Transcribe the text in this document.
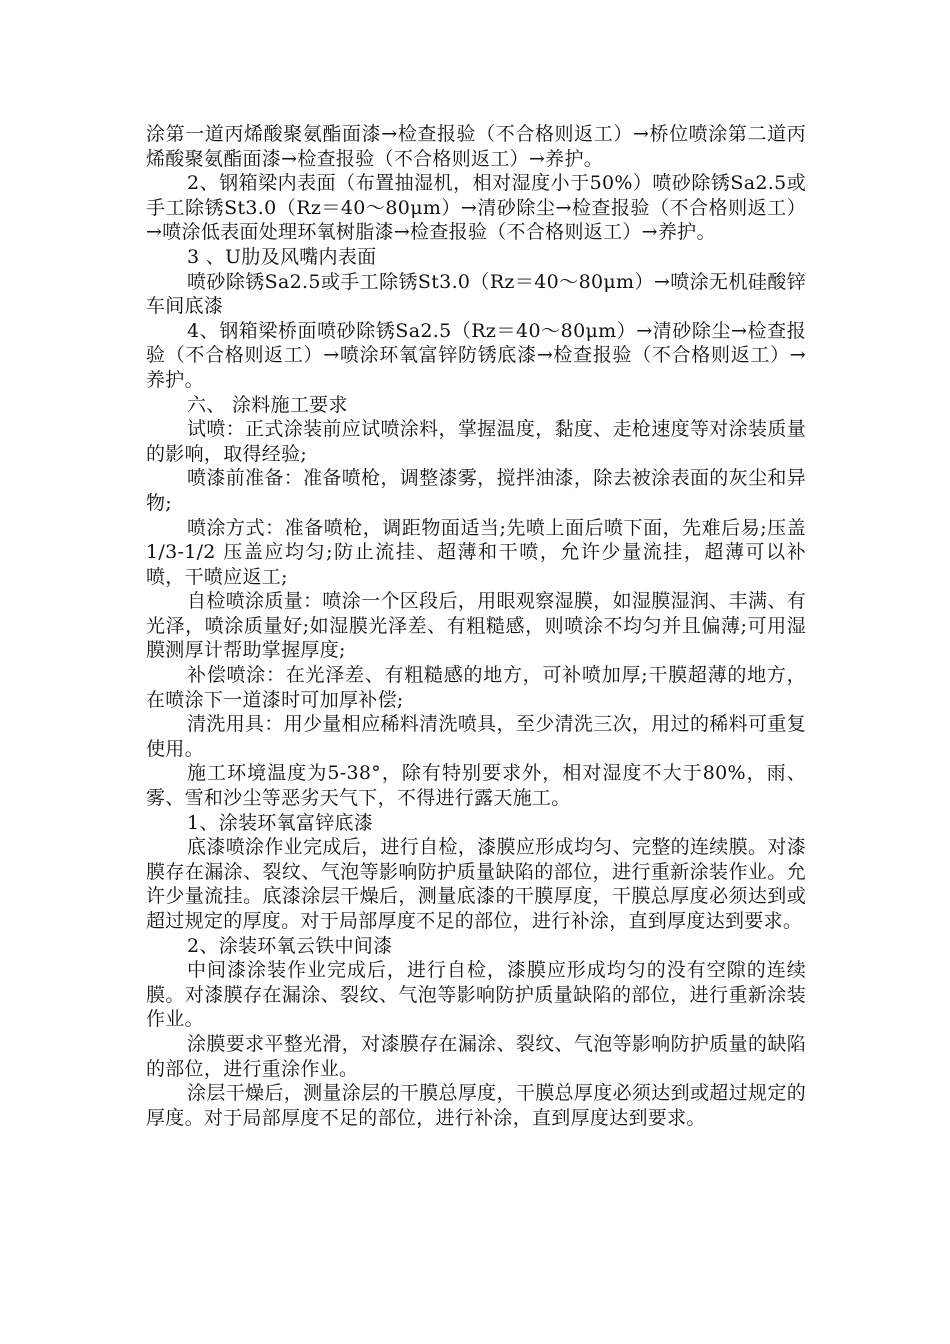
涂第一道丙烯酸聚氨酯面漆→检查报验（不合格则返工）→桥位喷涂第二道丙烯酸聚氨酯面漆→检查报验（不合格则返工）→养护。

2、钢箱梁内表面（布置抽湿机，相对湿度小于50%）喷砂除锈Sa2.5或手工除锈St3.0（Rz＝40～80μm）→清砂除尘→检查报验（不合格则返工）→喷涂低表面处理环氧树脂漆→检查报验（不合格则返工）→养护。

3 、U肋及风嘴内表面

喷砂除锈Sa2.5或手工除锈St3.0（Rz＝40～80μm）→喷涂无机硅酸锌车间底漆

4、钢箱梁桥面喷砂除锈Sa2.5（Rz＝40～80μm）→清砂除尘→检查报验（不合格则返工）→喷涂环氧富锌防锈底漆→检查报验（不合格则返工）→养护。

六、 涂料施工要求

试喷：正式涂装前应试喷涂料，掌握温度，黏度、走枪速度等对涂装质量的影响，取得经验;

喷漆前准备：准备喷枪，调整漆雾，搅拌油漆，除去被涂表面的灰尘和异物;

喷涂方式：准备喷枪，调距物面适当;先喷上面后喷下面，先难后易;压盖1/3-1/2 压盖应均匀;防止流挂、超薄和干喷，允许少量流挂，超薄可以补喷，干喷应返工;

自检喷涂质量：喷涂一个区段后，用眼观察湿膜，如湿膜湿润、丰满、有光泽，喷涂质量好;如湿膜光泽差、有粗糙感，则喷涂不均匀并且偏薄;可用湿膜测厚计帮助掌握厚度;

补偿喷涂：在光泽差、有粗糙感的地方，可补喷加厚;干膜超薄的地方，在喷涂下一道漆时可加厚补偿;

清洗用具：用少量相应稀料清洗喷具，至少清洗三次，用过的稀料可重复使用。

施工环境温度为5-38°，除有特别要求外，相对湿度不大于80%，雨、雾、雪和沙尘等恶劣天气下，不得进行露天施工。

1、涂装环氧富锌底漆

底漆喷涂作业完成后，进行自检，漆膜应形成均匀、完整的连续膜。对漆膜存在漏涂、裂纹、气泡等影响防护质量缺陷的部位，进行重新涂装作业。允许少量流挂。底漆涂层干燥后，测量底漆的干膜厚度，干膜总厚度必须达到或超过规定的厚度。对于局部厚度不足的部位，进行补涂，直到厚度达到要求。

2、涂装环氧云铁中间漆

中间漆涂装作业完成后，进行自检，漆膜应形成均匀的没有空隙的连续膜。对漆膜存在漏涂、裂纹、气泡等影响防护质量缺陷的部位，进行重新涂装作业。

涂膜要求平整光滑，对漆膜存在漏涂、裂纹、气泡等影响防护质量的缺陷的部位，进行重涂作业。

涂层干燥后，测量涂层的干膜总厚度，干膜总厚度必须达到或超过规定的厚度。对于局部厚度不足的部位，进行补涂，直到厚度达到要求。
